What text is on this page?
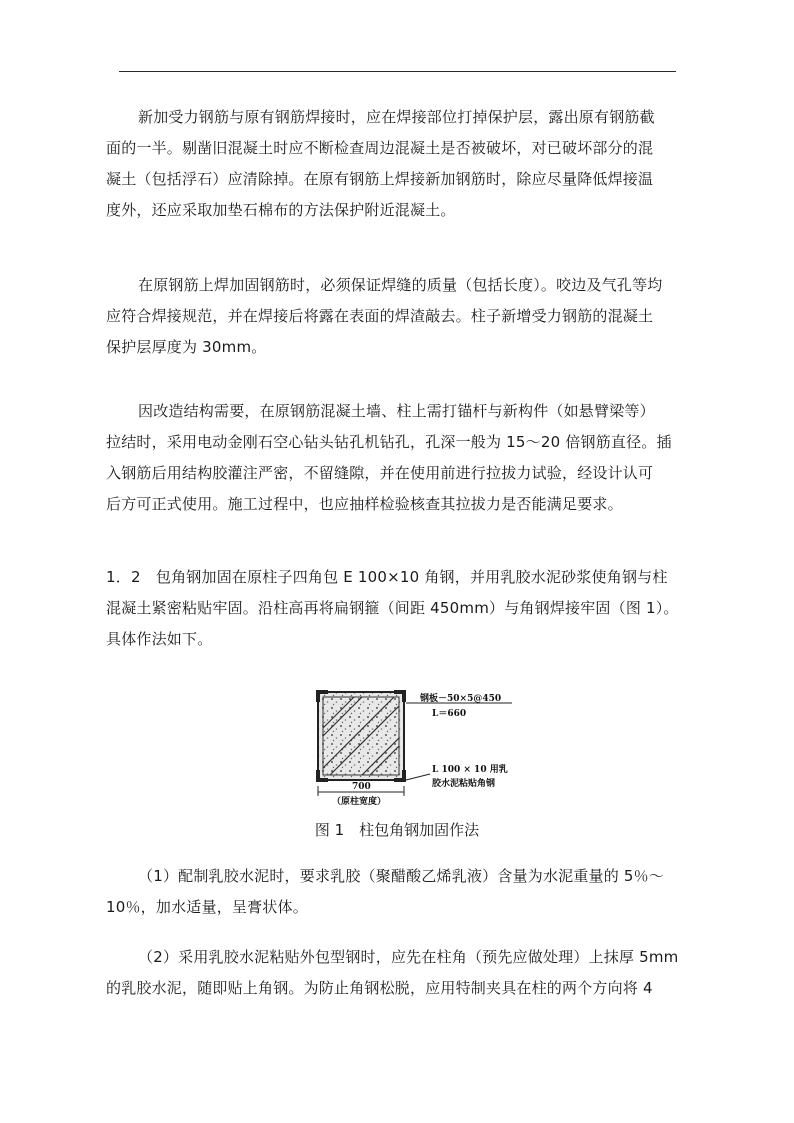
新加受力钢筋与原有钢筋焊接时，应在焊接部位打掉保护层，露出原有钢筋截
面的一半。剔凿旧混凝土时应不断检查周边混凝土是否被破坏，对已破坏部分的混
凝土（包括浮石）应清除掉。在原有钢筋上焊接新加钢筋时，除应尽量降低焊接温
度外，还应采取加垫石棉布的方法保护附近混凝土。
在原钢筋上焊加固钢筋时，必须保证焊缝的质量（包括长度）。咬边及气孔等均
应符合焊接规范，并在焊接后将露在表面的焊渣敲去。柱子新增受力钢筋的混凝土
保护层厚度为 30mm。
因改造结构需要，在原钢筋混凝土墙、柱上需打锚杆与新构件（如悬臂梁等）
拉结时，采用电动金刚石空心钻头钻孔机钻孔，孔深一般为 15～20 倍钢筋直径。插
入钢筋后用结构胶灌注严密，不留缝隙，并在使用前进行拉拔力试验，经设计认可
后方可正式使用。施工过程中，也应抽样检验核查其拉拔力是否能满足要求。
1．2　包角钢加固在原柱子四角包 E 100×10 角钢，并用乳胶水泥砂浆使角钢与柱
混凝土紧密粘贴牢固。沿柱高再将扁钢箍（间距 450mm）与角钢焊接牢固（图 1）。
具体作法如下。
钢板－50×5@450
L＝660
L 100 × 10 用乳
胶水泥粘贴角钢
700
（原柱宽度）
图 1　柱包角钢加固作法
（1）配制乳胶水泥时，要求乳胶（聚醋酸乙烯乳液）含量为水泥重量的 5％～
10％，加水适量，呈膏状体。
（2）采用乳胶水泥粘贴外包型钢时，应先在柱角（预先应做处理）上抹厚 5mm
的乳胶水泥，随即贴上角钢。为防止角钢松脱，应用特制夹具在柱的两个方向将 4
